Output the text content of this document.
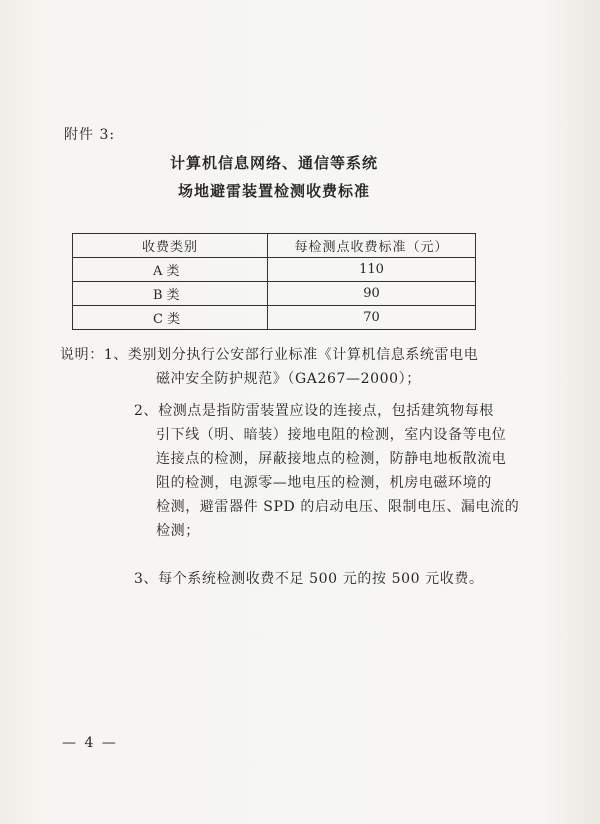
附件 3:
计算机信息网络、通信等系统
场地避雷装置检测收费标准
收费类别	每检测点收费标准（元）
A 类	110
B 类	90
C 类	70
说明：1、类别划分执行公安部行业标准《计算机信息系统雷电电
磁冲安全防护规范》（GA267—2000）；
2、检测点是指防雷装置应设的连接点，包括建筑物每根
引下线（明、暗装）接地电阻的检测，室内设备等电位
连接点的检测，屏蔽接地点的检测，防静电地板散流电
阻的检测，电源零—地电压的检测，机房电磁环境的
检测，避雷器件 SPD 的启动电压、限制电压、漏电流的
检测；
3、每个系统检测收费不足 500 元的按 500 元收费。
— 4 —
